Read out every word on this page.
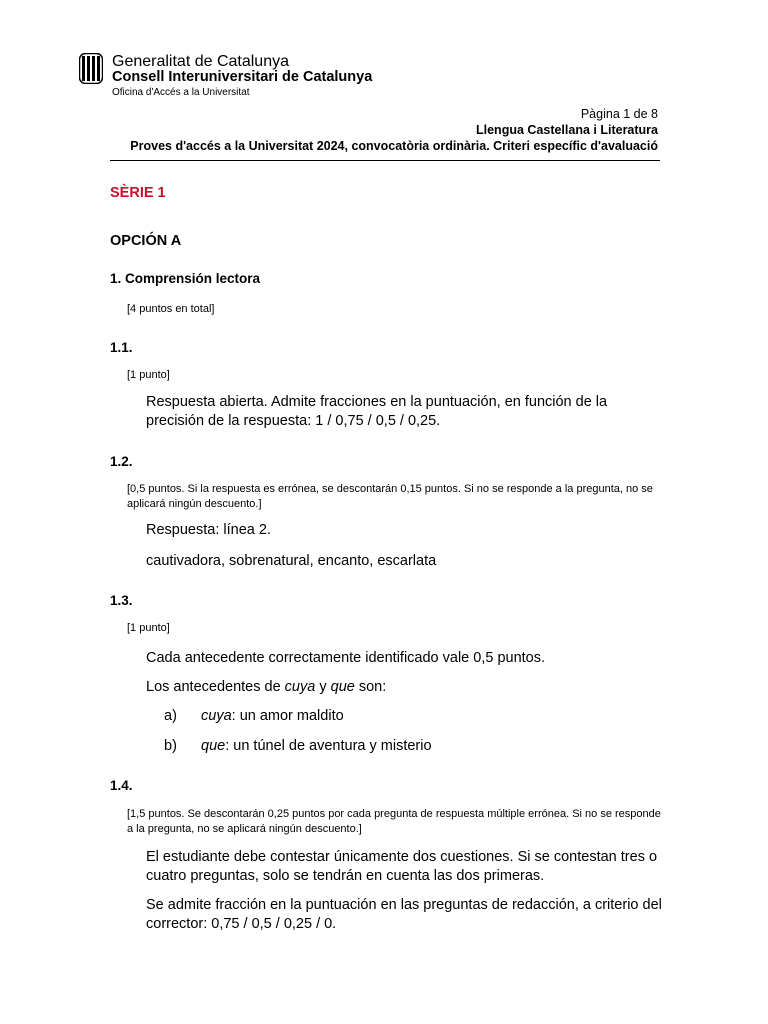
Generalitat de Catalunya
Consell Interuniversitari de Catalunya
Oficina d'Accés a la Universitat
Pàgina 1 de 8
Llengua Castellana i Literatura
Proves d'accés a la Universitat 2024, convocatòria ordinària. Criteri específic d'avaluació
SÈRIE 1
OPCIÓN A
1. Comprensión lectora
[4 puntos en total]
1.1.
[1 punto]
Respuesta abierta. Admite fracciones en la puntuación, en función de la precisión de la respuesta: 1 / 0,75 / 0,5 / 0,25.
1.2.
[0,5 puntos. Si la respuesta es errónea, se descontarán 0,15 puntos. Si no se responde a la pregunta, no se aplicará ningún descuento.]
Respuesta: línea 2.
cautivadora, sobrenatural, encanto, escarlata
1.3.
[1 punto]
Cada antecedente correctamente identificado vale 0,5 puntos.
Los antecedentes de cuya y que son:
a) cuya: un amor maldito
b) que: un túnel de aventura y misterio
1.4.
[1,5 puntos. Se descontarán 0,25 puntos por cada pregunta de respuesta múltiple errónea. Si no se responde a la pregunta, no se aplicará ningún descuento.]
El estudiante debe contestar únicamente dos cuestiones. Si se contestan tres o cuatro preguntas, solo se tendrán en cuenta las dos primeras.
Se admite fracción en la puntuación en las preguntas de redacción, a criterio del corrector: 0,75 / 0,5 / 0,25 / 0.
